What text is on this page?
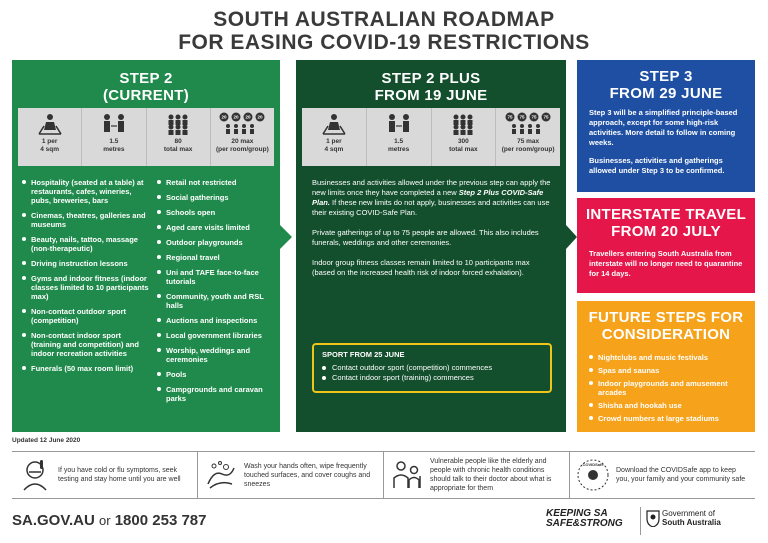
SOUTH AUSTRALIAN ROADMAP
FOR EASING COVID-19 RESTRICTIONS
STEP 2
(CURRENT)
1 per
4 sqm
1.5
metres
80
total max
20 20 20 20
20 max
(per room/group)
Hospitality (seated at a table) at restaurants, cafes, wineries, pubs, breweries, bars
Cinemas, theatres, galleries and museums
Beauty, nails, tattoo, massage (non-therapeutic)
Driving instruction lessons
Gyms and indoor fitness (indoor classes limited to 10 participants max)
Non-contact outdoor sport (competition)
Non-contact indoor sport (training and competition) and indoor recreation activities
Funerals (50 max room limit)
Retail not restricted
Social gatherings
Schools open
Aged care visits limited
Outdoor playgrounds
Regional travel
Uni and TAFE face-to-face tutorials
Community, youth and RSL halls
Auctions and inspections
Local government libraries
Worship, weddings and ceremonies
Pools
Campgrounds and caravan parks
STEP 2 PLUS
FROM 19 JUNE
1 per
4 sqm
1.5
metres
300
total max
75 75 75 75
75 max
(per room/group)

Businesses and activities allowed under the previous step can apply the new limits once they have completed a new Step 2 Plus COVID-Safe Plan. If these new limits do not apply, businesses and activities can use their existing COVID-Safe Plan.

Private gatherings of up to 75 people are allowed. This also includes funerals, weddings and other ceremonies.

Indoor group fitness classes remain limited to 10 participants max (based on the increased health risk of indoor forced exhalation).

SPORT FROM 25 JUNE
Contact outdoor sport (competition) commences
Contact indoor sport (training) commences
STEP 3
FROM 29 JUNE

Step 3 will be a simplified principle-based approach, except for some high-risk activities. More detail to follow in coming weeks.

Businesses, activities and gatherings allowed under Step 3 to be confirmed.

INTERSTATE TRAVEL
FROM 20 JULY

Travellers entering South Australia from interstate will no longer need to quarantine for 14 days.

FUTURE STEPS FOR
CONSIDERATION
Nightclubs and music festivals
Spas and saunas
Indoor playgrounds and amusement arcades
Shisha and hookah use
Crowd numbers at large stadiums
Updated 12 June 2020
If you have cold or flu symptoms, seek testing and stay home until you are well
Wash your hands often, wipe frequently touched surfaces, and cover coughs and sneezes
Vulnerable people like the elderly and people with chronic health conditions should talk to their doctor about what is appropriate for them
COVIDSafe
Download the COVIDSafe app to keep you, your family and your community safe
SA.GOV.AU or 1800 253 787	KEEPING SA
SAFE&STRONG
Government of
South Australia
